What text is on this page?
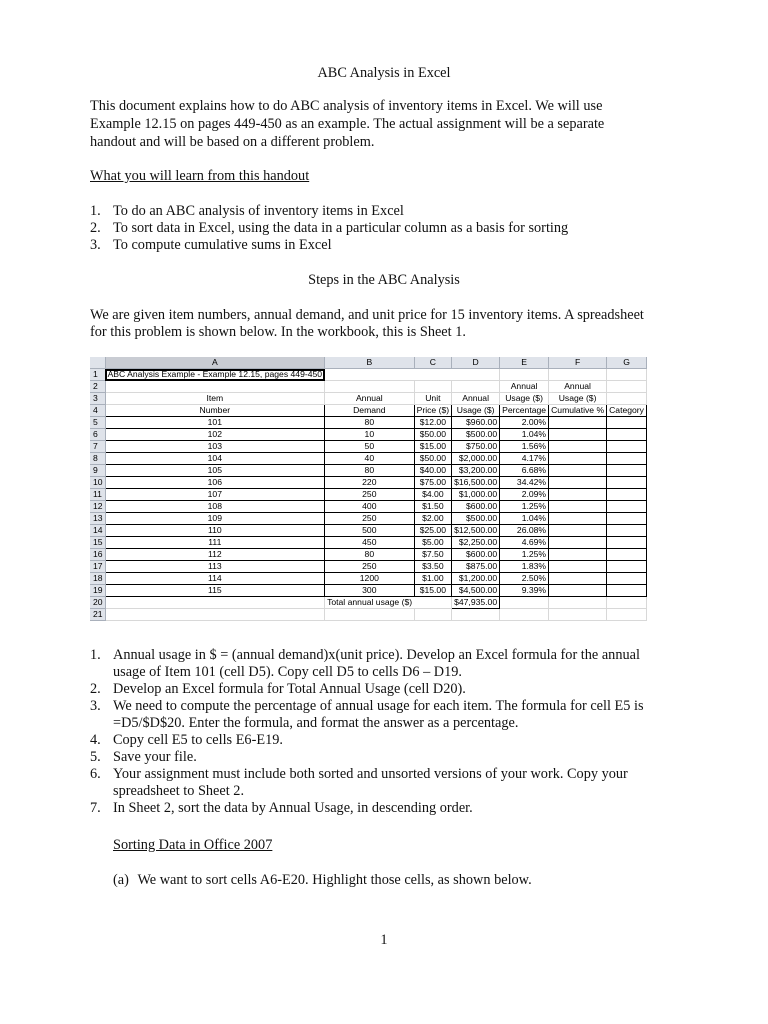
ABC Analysis in Excel
This document explains how to do ABC analysis of inventory items in Excel. We will use
Example 12.15 on pages 449-450 as an example. The actual assignment will be a separate
handout and will be based on a different problem.
What you will learn from this handout
1. To do an ABC analysis of inventory items in Excel
2. To sort data in Excel, using the data in a particular column as a basis for sorting
3. To compute cumulative sums in Excel
Steps in the ABC Analysis
We are given item numbers, annual demand, and unit price for 15 inventory items. A spreadsheet
for this problem is shown below. In the workbook, this is Sheet 1.
	A	B	C	D	E	F	G
1	ABC Analysis Example - Example 12.15, pages 449-450						
2					Annual	Annual	
3	Item	Annual	Unit	Annual	Usage ($)	Usage ($)	
4	Number	Demand	Price ($)	Usage ($)	Percentage	Cumulative %	Category
5	101	80	$12.00	$960.00	2.00%		
6	102	10	$50.00	$500.00	1.04%		
7	103	50	$15.00	$750.00	1.56%		
8	104	40	$50.00	$2,000.00	4.17%		
9	105	80	$40.00	$3,200.00	6.68%		
10	106	220	$75.00	$16,500.00	34.42%		
11	107	250	$4.00	$1,000.00	2.09%		
12	108	400	$1.50	$600.00	1.25%		
13	109	250	$2.00	$500.00	1.04%		
14	110	500	$25.00	$12,500.00	26.08%		
15	111	450	$5.00	$2,250.00	4.69%		
16	112	80	$7.50	$600.00	1.25%		
17	113	250	$3.50	$875.00	1.83%		
18	114	1200	$1.00	$1,200.00	2.50%		
19	115	300	$15.00	$4,500.00	9.39%		
20		Total annual usage ($)		$47,935.00			
21							
1. Annual usage in $ = (annual demand)x(unit price). Develop an Excel formula for the annual
usage of Item 101 (cell D5). Copy cell D5 to cells D6 – D19.
2. Develop an Excel formula for Total Annual Usage (cell D20).
3. We need to compute the percentage of annual usage for each item. The formula for cell E5 is
=D5/$D$20. Enter the formula, and format the answer as a percentage.
4. Copy cell E5 to cells E6-E19.
5. Save your file.
6. Your assignment must include both sorted and unsorted versions of your work. Copy your
spreadsheet to Sheet 2.
7. In Sheet 2, sort the data by Annual Usage, in descending order.
Sorting Data in Office 2007
(a) We want to sort cells A6-E20. Highlight those cells, as shown below.
1
